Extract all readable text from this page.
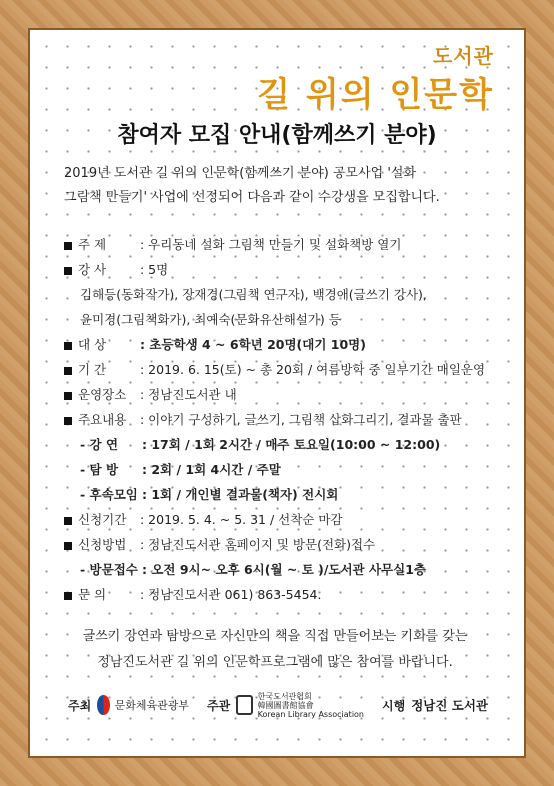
도서관
길 위의 인문학
참여자 모집 안내(함께쓰기 분야)
2019년 도서관 길 위의 인문학(함께쓰기 분야) 공모사업 '설화
그림책 만들기' 사업에 선정되어 다음과 같이 수강생을 모집합니다.
주 제	: 우리동네 설화 그림책 만들기 및 설화책방 열기
강 사	: 5명
김해등(동화작가), 장재경(그림책 연구자), 백경애(글쓰기 강사),
윤미경(그림책화가), 최예숙(문화유산해설가) 등
대 상	: 초등학생 4 ~ 6학년 20명(대기 10명)
기 간	: 2019. 6. 15(토) ~ 총 20회 / 여름방학 중 일부기간 매일운영
운영장소 : 정남진도서관 내
주요내용 : 이야기 구성하기, 글쓰기, 그림책 삽화그리기, 결과물 출판
- 강 연 : 17회 / 1회 2시간 / 매주 토요일(10:00 ~ 12:00)
- 탐 방 : 2회 / 1회 4시간 / 주말
- 후속모임 : 1회 / 개인별 결과물(책자) 전시회
신청기간 : 2019. 5. 4. ~ 5. 31 / 선착순 마감
신청방법 : 정남진도서관 홈페이지 및 방문(전화)접수
- 방문접수 : 오전 9시~ 오후 6시(월 ~ 토 )/도서관 사무실1층
문 의	: 정남진도서관 061) 863-5454.
글쓰기 강연과 탐방으로 자신만의 책을 직접 만들어보는 기회를 갖는
정남진도서관 길 위의 인문학프로그램에 많은 참여를 바랍니다.
주최 문화체육관광부 주관
한국도서관협회
韓國圖書館協會
Korean Library Association
시행 정남진 도서관
